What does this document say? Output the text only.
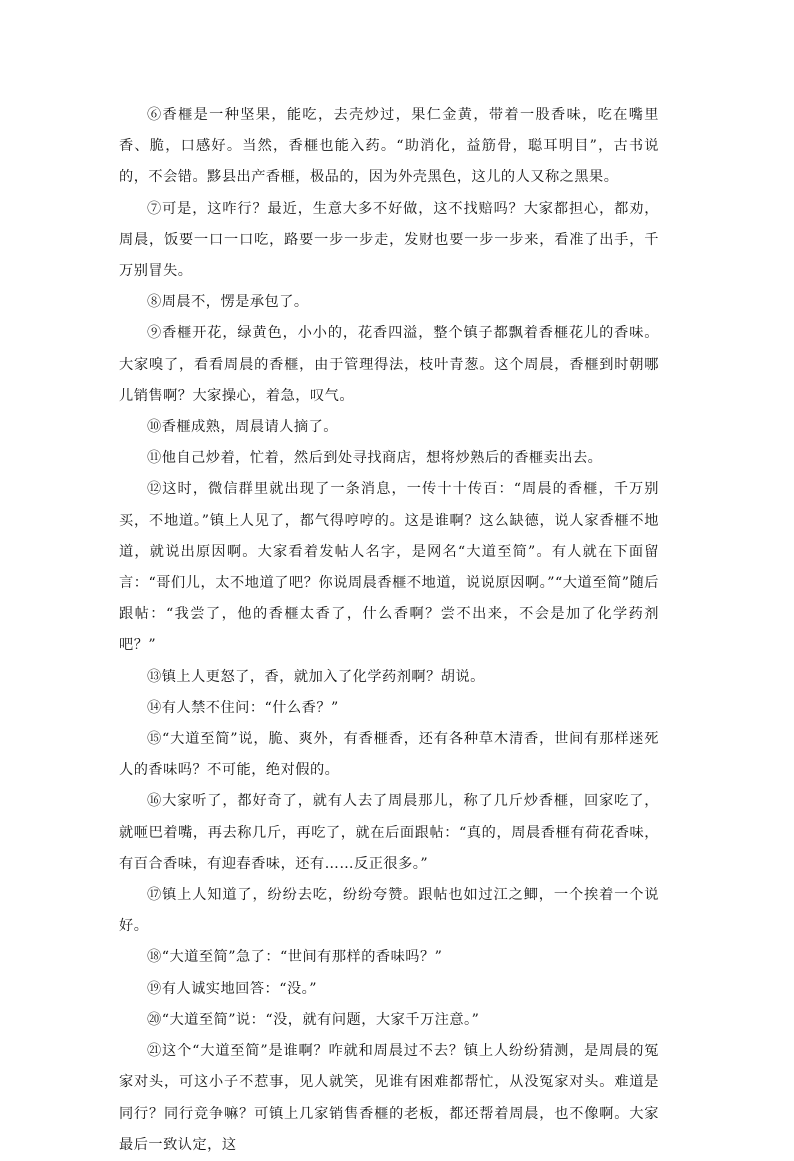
⑥香榧是一种坚果，能吃，去壳炒过，果仁金黄，带着一股香味，吃在嘴里香、脆，口感好。当然，香榧也能入药。“助消化，益筋骨，聪耳明目”，古书说的，不会错。黟县出产香榧，极品的，因为外壳黑色，这儿的人又称之黑果。

⑦可是，这咋行？最近，生意大多不好做，这不找赔吗？大家都担心，都劝，周晨，饭要一口一口吃，路要一步一步走，发财也要一步一步来，看准了出手，千万别冒失。

⑧周晨不，愣是承包了。

⑨香榧开花，绿黄色，小小的，花香四溢，整个镇子都飘着香榧花儿的香味。大家嗅了，看看周晨的香榧，由于管理得法，枝叶青葱。这个周晨，香榧到时朝哪儿销售啊？大家操心，着急，叹气。

⑩香榧成熟，周晨请人摘了。

⑪他自己炒着，忙着，然后到处寻找商店，想将炒熟后的香榧卖出去。

⑫这时，微信群里就出现了一条消息，一传十十传百：“周晨的香榧，千万别买，不地道。”镇上人见了，都气得哼哼的。这是谁啊？这么缺德，说人家香榧不地道，就说出原因啊。大家看着发帖人名字，是网名“大道至简”。有人就在下面留言：“哥们儿，太不地道了吧？你说周晨香榧不地道，说说原因啊。”“大道至简”随后跟帖：“我尝了，他的香榧太香了，什么香啊？尝不出来，不会是加了化学药剂吧？”

⑬镇上人更怒了，香，就加入了化学药剂啊？胡说。

⑭有人禁不住问：“什么香？”

⑮“大道至简”说，脆、爽外，有香榧香，还有各种草木清香，世间有那样迷死人的香味吗？不可能，绝对假的。

⑯大家听了，都好奇了，就有人去了周晨那儿，称了几斤炒香榧，回家吃了，就咂巴着嘴，再去称几斤，再吃了，就在后面跟帖：“真的，周晨香榧有荷花香味，有百合香味，有迎春香味，还有……反正很多。”

⑰镇上人知道了，纷纷去吃，纷纷夸赞。跟帖也如过江之鲫，一个挨着一个说好。

⑱“大道至简”急了：“世间有那样的香味吗？”

⑲有人诚实地回答：“没。”

⑳“大道至简”说：“没，就有问题，大家千万注意。”

㉑这个“大道至简”是谁啊？咋就和周晨过不去？镇上人纷纷猜测，是周晨的冤家对头，可这小子不惹事，见人就笑，见谁有困难都帮忙，从没冤家对头。难道是同行？同行竞争嘛？可镇上几家销售香榧的老板，都还帮着周晨，也不像啊。大家最后一致认定，这
